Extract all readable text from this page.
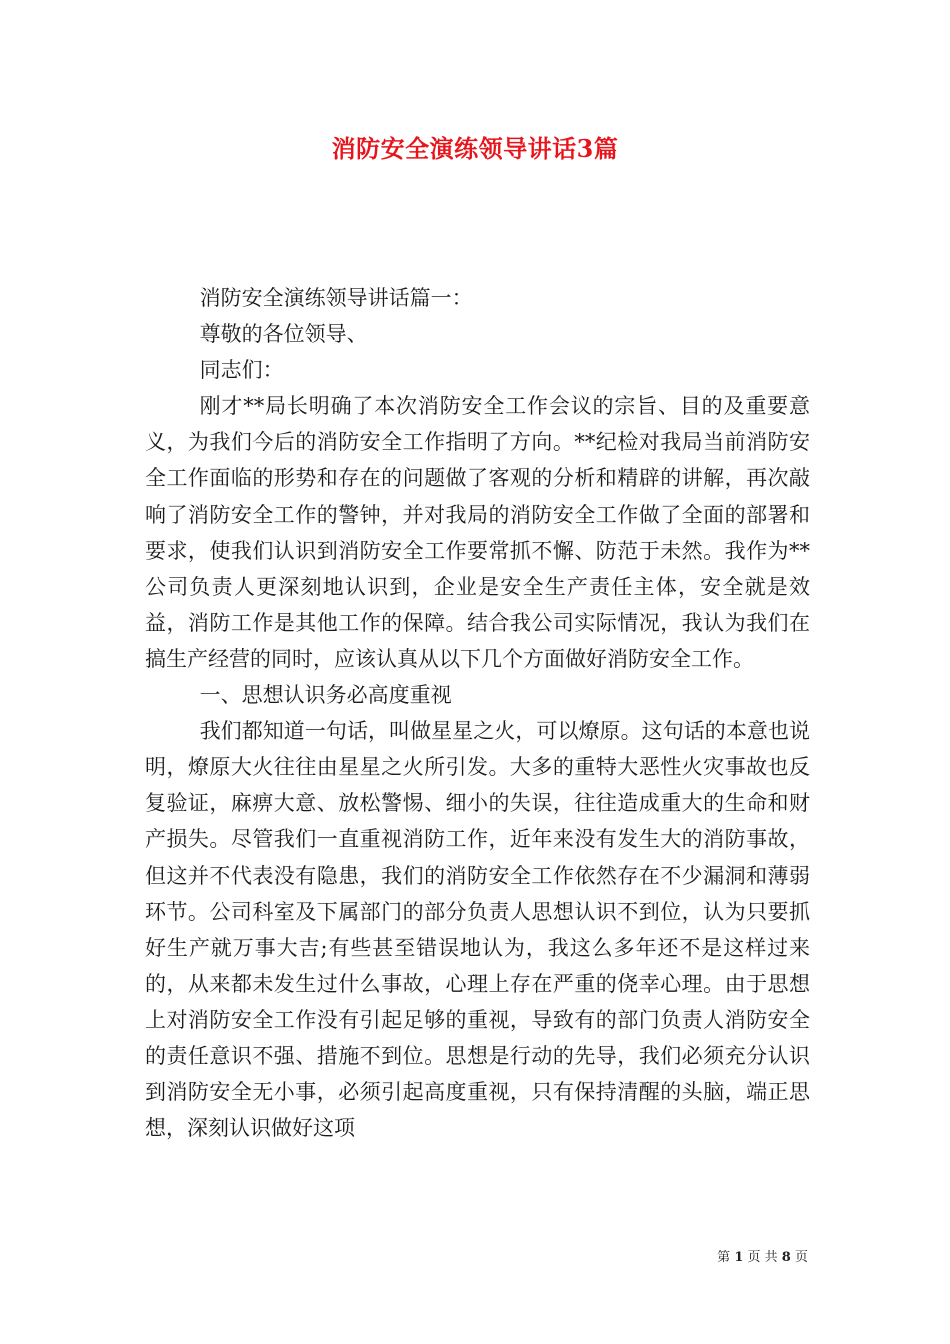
消防安全演练领导讲话3篇

消防安全演练领导讲话篇一：

尊敬的各位领导、

同志们：

刚才**局长明确了本次消防安全工作会议的宗旨、目的及重要意义，为我们今后的消防安全工作指明了方向。**纪检对我局当前消防安全工作面临的形势和存在的问题做了客观的分析和精辟的讲解，再次敲响了消防安全工作的警钟，并对我局的消防安全工作做了全面的部署和要求，使我们认识到消防安全工作要常抓不懈、防范于未然。我作为**公司负责人更深刻地认识到，企业是安全生产责任主体，安全就是效益，消防工作是其他工作的保障。结合我公司实际情况，我认为我们在搞生产经营的同时，应该认真从以下几个方面做好消防安全工作。

一、思想认识务必高度重视

我们都知道一句话，叫做星星之火，可以燎原。这句话的本意也说明，燎原大火往往由星星之火所引发。大多的重特大恶性火灾事故也反复验证，麻痹大意、放松警惕、细小的失误，往往造成重大的生命和财产损失。尽管我们一直重视消防工作，近年来没有发生大的消防事故，但这并不代表没有隐患，我们的消防安全工作依然存在不少漏洞和薄弱环节。公司科室及下属部门的部分负责人思想认识不到位，认为只要抓好生产就万事大吉;有些甚至错误地认为，我这么多年还不是这样过来的，从来都未发生过什么事故，心理上存在严重的侥幸心理。由于思想上对消防安全工作没有引起足够的重视，导致有的部门负责人消防安全的责任意识不强、措施不到位。思想是行动的先导，我们必须充分认识到消防安全无小事，必须引起高度重视，只有保持清醒的头脑，端正思想，深刻认识做好这项

第 1 页 共 8 页
